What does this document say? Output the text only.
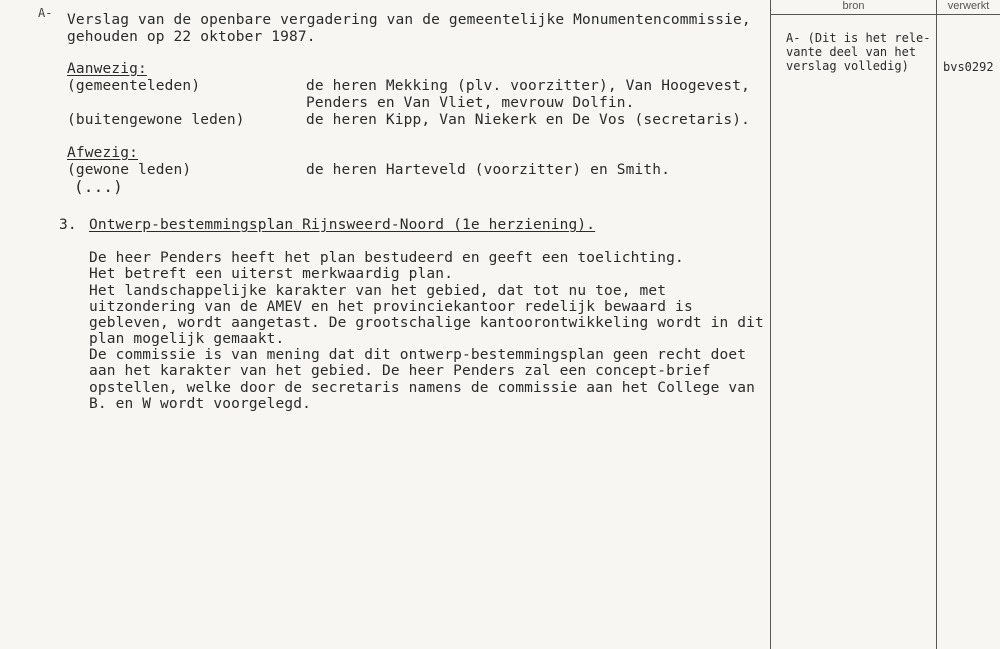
A- Verslag van de openbare vergadering van de gemeentelijke Monumentencommissie,
gehouden op 22 oktober 1987.
Aanwezig:
(gemeenteleden)	de heren Mekking (plv. voorzitter), Van Hoogevest,
Penders en Van Vliet, mevrouw Dolfin.
(buitengewone leden)	de heren Kipp, Van Niekerk en De Vos (secretaris).
Afwezig:
(gewone leden)	de heren Harteveld (voorzitter) en Smith.
(...)
3. Ontwerp-bestemmingsplan Rijnsweerd-Noord (1e herziening).
De heer Penders heeft het plan bestudeerd en geeft een toelichting.
Het betreft een uiterst merkwaardig plan.
Het landschappelijke karakter van het gebied, dat tot nu toe, met
uitzondering van de AMEV en het provinciekantoor redelijk bewaard is
gebleven, wordt aangetast. De grootschalige kantoorontwikkeling wordt in dit
plan mogelijk gemaakt.
De commissie is van mening dat dit ontwerp-bestemmingsplan geen recht doet
aan het karakter van het gebied. De heer Penders zal een concept-brief
opstellen, welke door de secretaris namens de commissie aan het College van
B. en W wordt voorgelegd.
bron	verwerkt
A- (Dit is het rele-
vante deel van het
verslag volledig)	bvs0292
